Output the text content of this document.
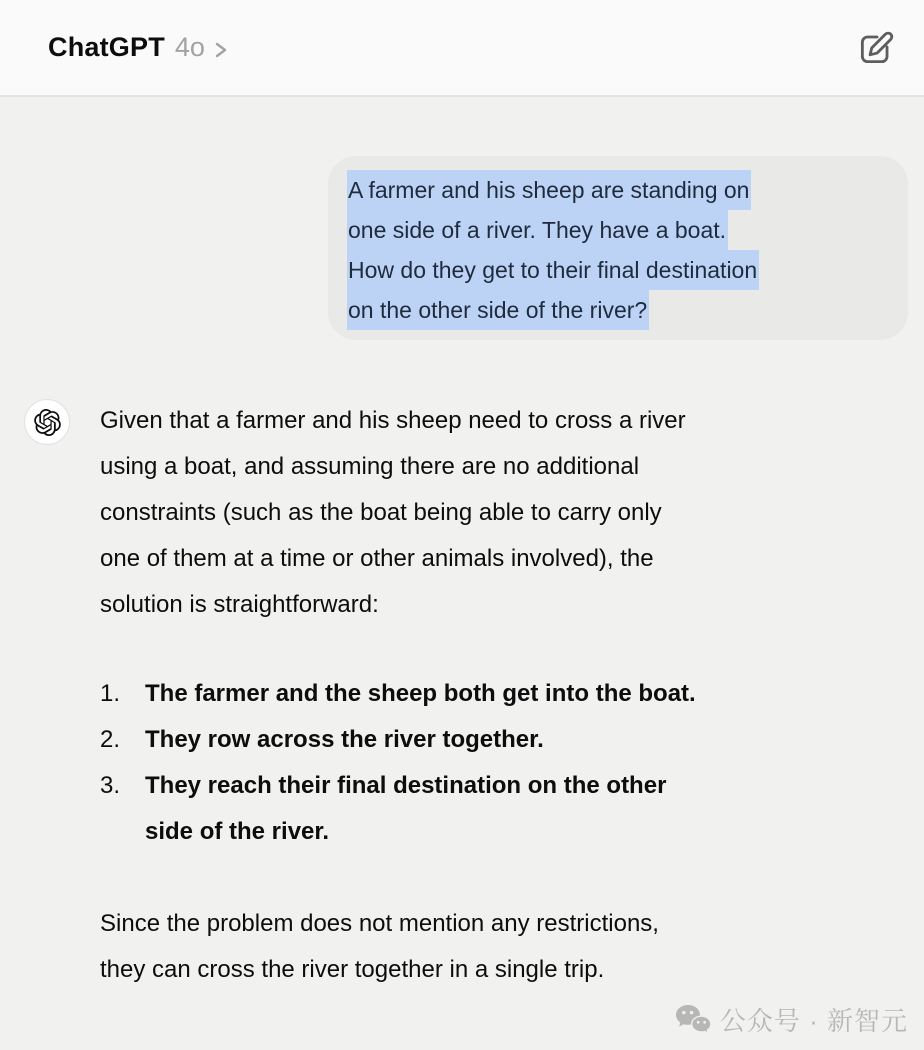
ChatGPT 4o
A farmer and his sheep are standing on
one side of a river. They have a boat.
How do they get to their final destination
on the other side of the river?
Given that a farmer and his sheep need to cross a river
using a boat, and assuming there are no additional
constraints (such as the boat being able to carry only
one of them at a time or other animals involved), the
solution is straightforward:
1.	The farmer and the sheep both get into the boat.
2.	They row across the river together.
3.	They reach their final destination on the other
side of the river.
Since the problem does not mention any restrictions,
they can cross the river together in a single trip.
公众号 · 新智元
